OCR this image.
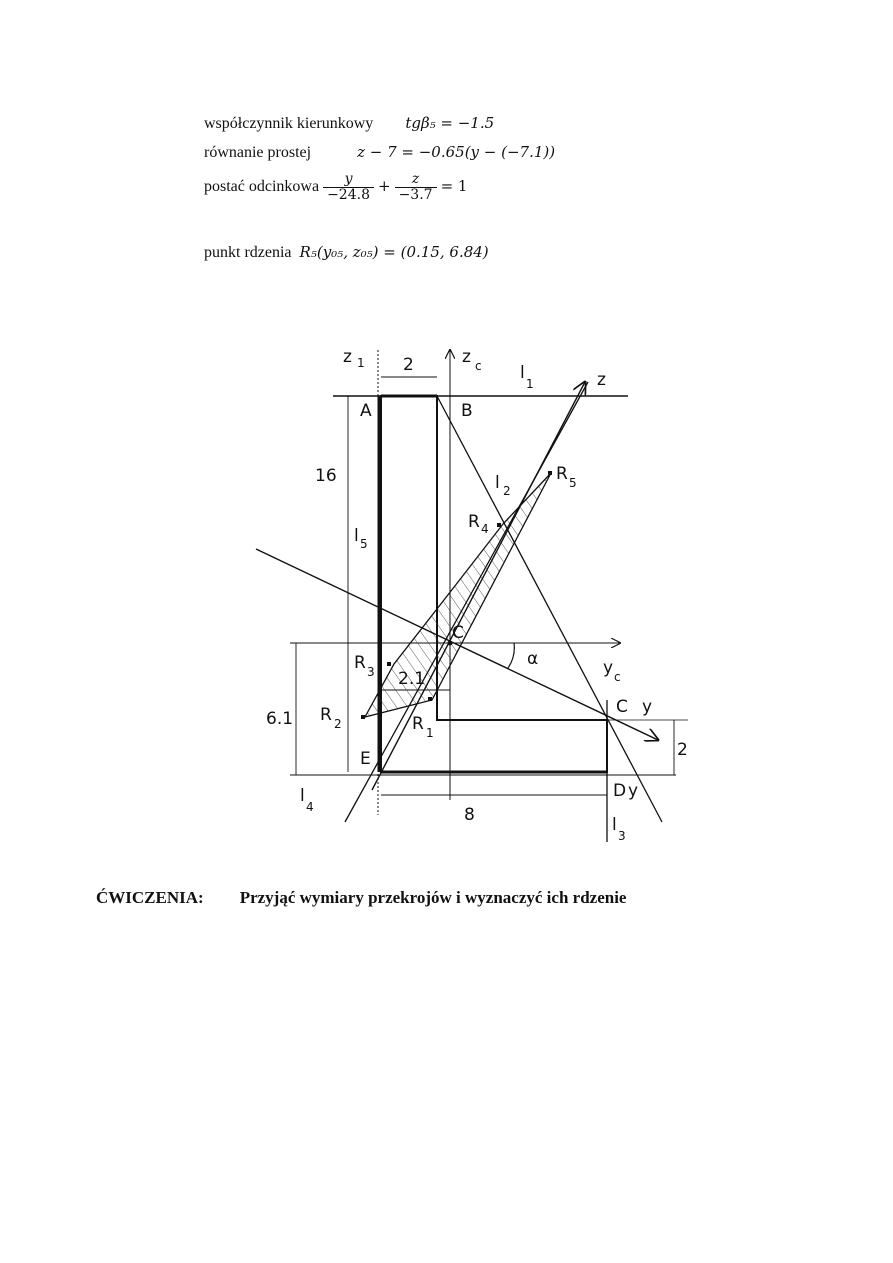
współczynnik kierunkowy tgβ₅ = −1.5
równanie prostej	z − 7 = −0.65(y − (−7.1))
postać odcinkowa $\frac{y}{-24.8} + \frac{z}{-3.7} = 1$
punkt rdzenia R₅(y₀₅, z₀₅) = (0.15, 6.84)
z 1 2	z c l
1	z
A	B
16	l 2
R 5
R 4
l 5
C
α
R 3 2.1
y c
C y
6.1 R 2	R 1
2
E
l
4
D y
8	l
3
ĆWICZENIA: Przyjąć wymiary przekrojów i wyznaczyć ich rdzenie
